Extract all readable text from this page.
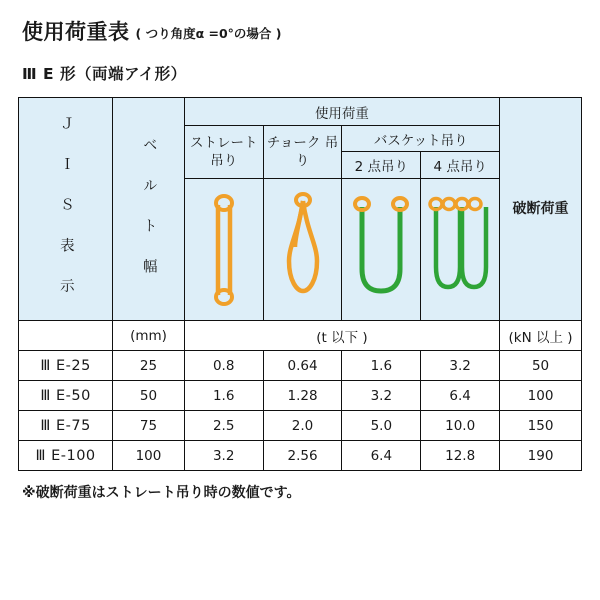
使用荷重表 ( つり角度α =0°の場合 )
Ⅲ E 形（両端アイ形）
Ｊ Ｉ Ｓ 表 示	ベ ル ト 幅	使用荷重				破断荷重

		ストレート 吊り	チョーク 吊り	バスケット吊り		
				2 点吊り	4 点吊り	

	(mm)	(t 以下 )				(kN 以上 )
Ⅲ E-25	25	0.8	0.64	1.6	3.2	50
Ⅲ E-50	50	1.6	1.28	3.2	6.4	100
Ⅲ E-75	75	2.5	2.0	5.0	10.0	150
Ⅲ E-100	100	3.2	2.56	6.4	12.8	190
※破断荷重はストレート吊り時の数値です。
